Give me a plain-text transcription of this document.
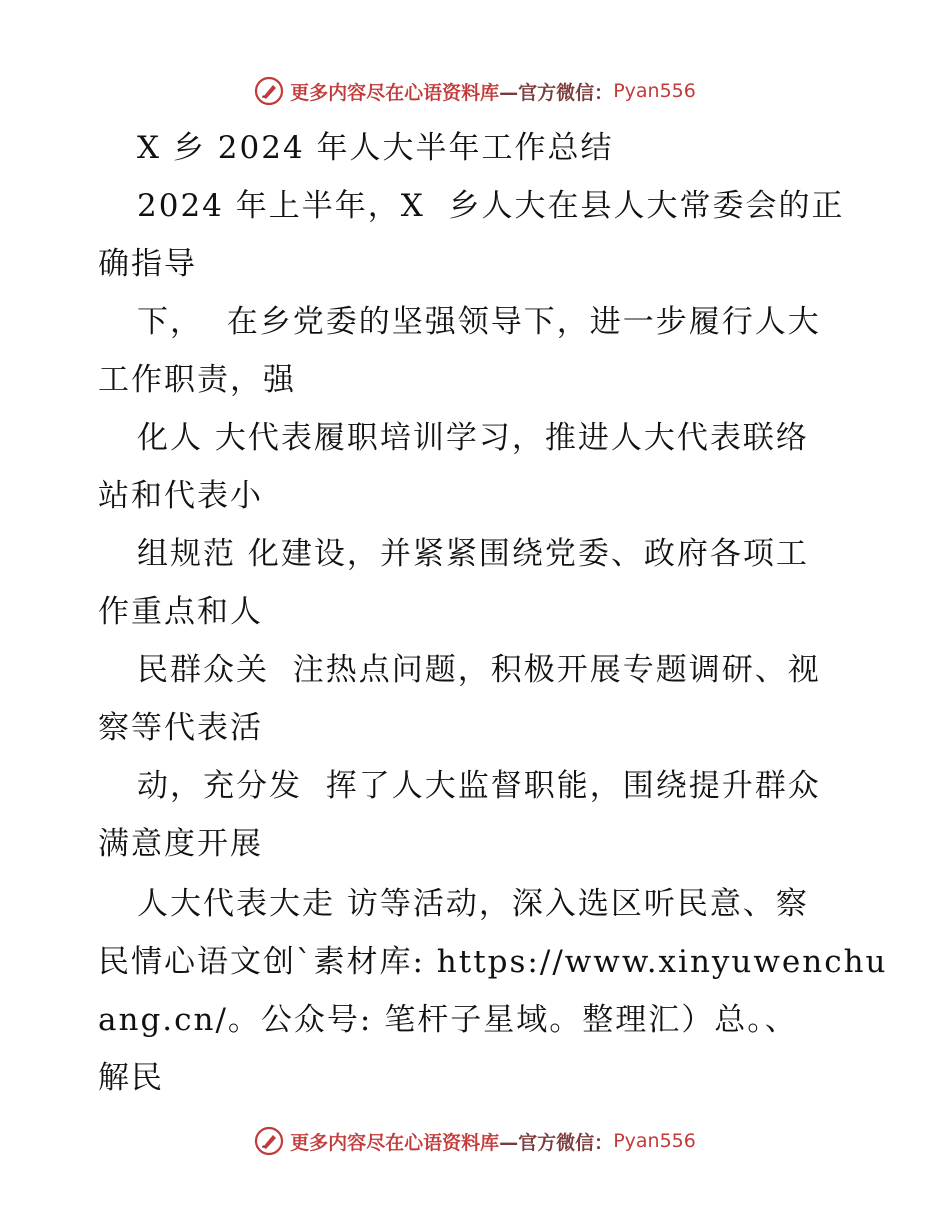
更多内容尽在心语资料库 —官方微信： Pyan556
X 乡 2024 年人大半年工作总结
2024 年上半年，X  乡人大在县人大常委会的正
确指导
下，  在乡党委的坚强领导下，进一步履行人大
工作职责，强
化人 大代表履职培训学习，推进人大代表联络
站和代表小
组规范 化建设，并紧紧围绕党委、政府各项工
作重点和人
民群众关  注热点问题，积极开展专题调研、视
察等代表活
动，充分发  挥了人大监督职能，围绕提升群众
满意度开展
人大代表大走 访等活动，深入选区听民意、察
民情心语文创`素材库: https://www.xinyuwenchu
ang.cn/。公众号: 笔杆子星域。整理汇）总。、
解民
更多内容尽在心语资料库 —官方微信： Pyan556
